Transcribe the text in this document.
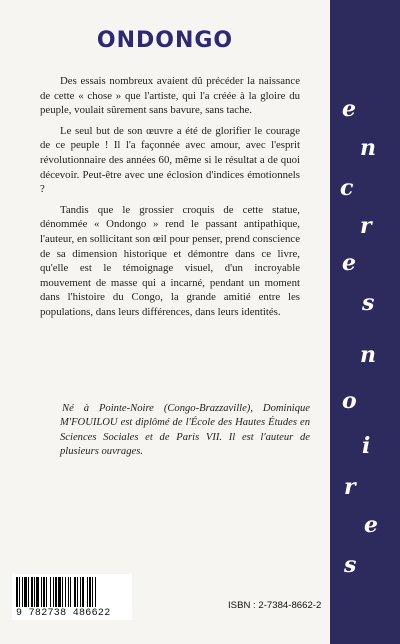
ONDONGO

Des essais nombreux avaient dû précéder la naissance de cette « chose » que l'artiste, qui l'a créée à la gloire du peuple, voulait sûrement sans bavure, sans tache.

Le seul but de son œuvre a été de glorifier le courage de ce peuple ! Il l'a façonnée avec amour, avec l'esprit révolutionnaire des années 60, même si le résultat a de quoi décevoir. Peut-être avec une éclosion d'indices émotionnels ?

Tandis que le grossier croquis de cette statue, dénommée « Ondongo » rend le passant antipathique, l'auteur, en sollicitant son œil pour penser, prend conscience de sa dimension historique et démontre dans ce livre, qu'elle est le témoignage visuel, d'un incroyable mouvement de masse qui a incarné, pendant un moment dans l'histoire du Congo, la grande amitié entre les populations, dans leurs différences, dans leurs identités.

Né à Pointe-Noire (Congo-Brazzaville), Dominique M'FOUILOU est diplômé de l'École des Hautes Études en Sciences Sociales et de Paris VII. Il est l'auteur de plusieurs ouvrages.

9 782738 486622
ISBN : 2-7384-8662-2
e
n
c
r
e
s
n
o
i
r
e
s
